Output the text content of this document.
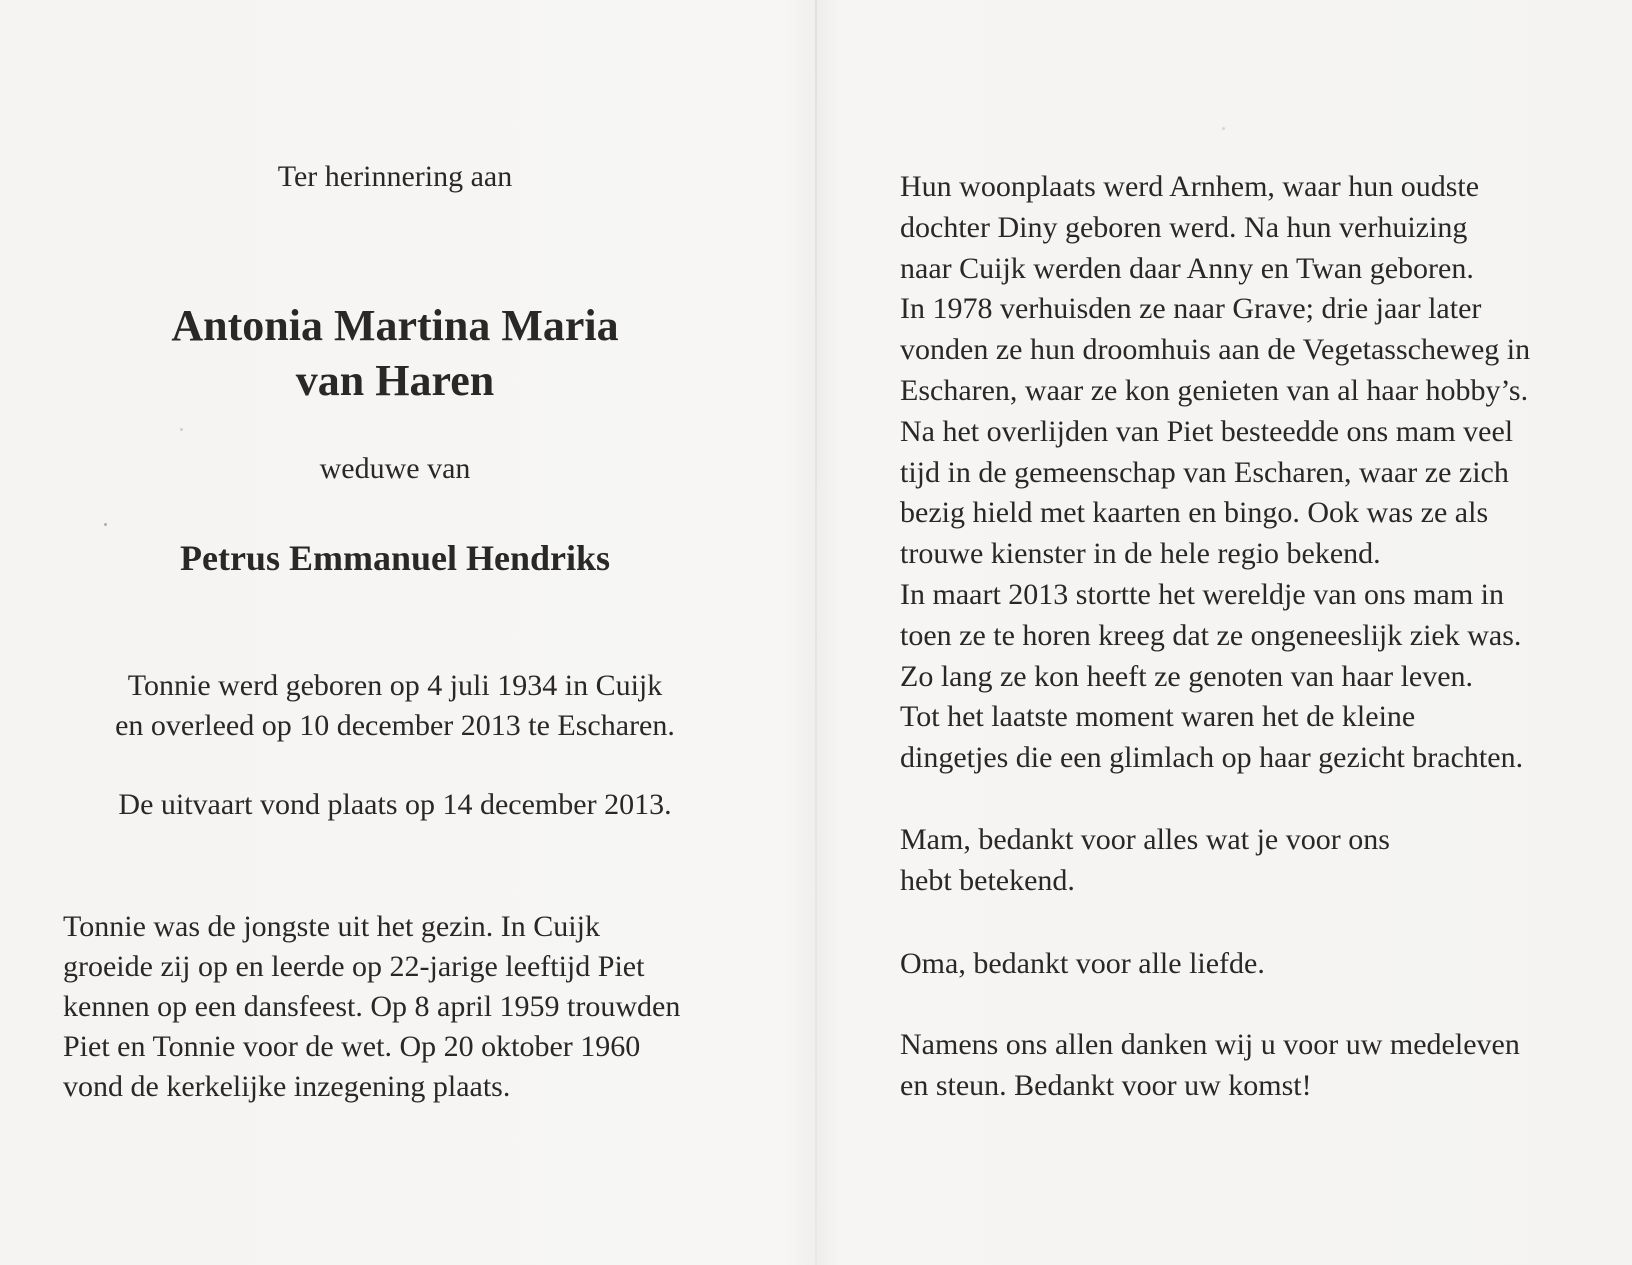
Ter herinnering aan
Antonia Martina Maria
van Haren
weduwe van
Petrus Emmanuel Hendriks
Tonnie werd geboren op 4 juli 1934 in Cuijk
en overleed op 10 december 2013 te Escharen.
De uitvaart vond plaats op 14 december 2013.
Tonnie was de jongste uit het gezin. In Cuijk
groeide zij op en leerde op 22-jarige leeftijd Piet
kennen op een dansfeest. Op 8 april 1959 trouwden
Piet en Tonnie voor de wet. Op 20 oktober 1960
vond de kerkelijke inzegening plaats.
Hun woonplaats werd Arnhem, waar hun oudste
dochter Diny geboren werd. Na hun verhuizing
naar Cuijk werden daar Anny en Twan geboren.
In 1978 verhuisden ze naar Grave; drie jaar later
vonden ze hun droomhuis aan de Vegetasscheweg in
Escharen, waar ze kon genieten van al haar hobby’s.
Na het overlijden van Piet besteedde ons mam veel
tijd in de gemeenschap van Escharen, waar ze zich
bezig hield met kaarten en bingo. Ook was ze als
trouwe kienster in de hele regio bekend.
In maart 2013 stortte het wereldje van ons mam in
toen ze te horen kreeg dat ze ongeneeslijk ziek was.
Zo lang ze kon heeft ze genoten van haar leven.
Tot het laatste moment waren het de kleine
dingetjes die een glimlach op haar gezicht brachten.
Mam, bedankt voor alles wat je voor ons
hebt betekend.
Oma, bedankt voor alle liefde.
Namens ons allen danken wij u voor uw medeleven
en steun. Bedankt voor uw komst!
